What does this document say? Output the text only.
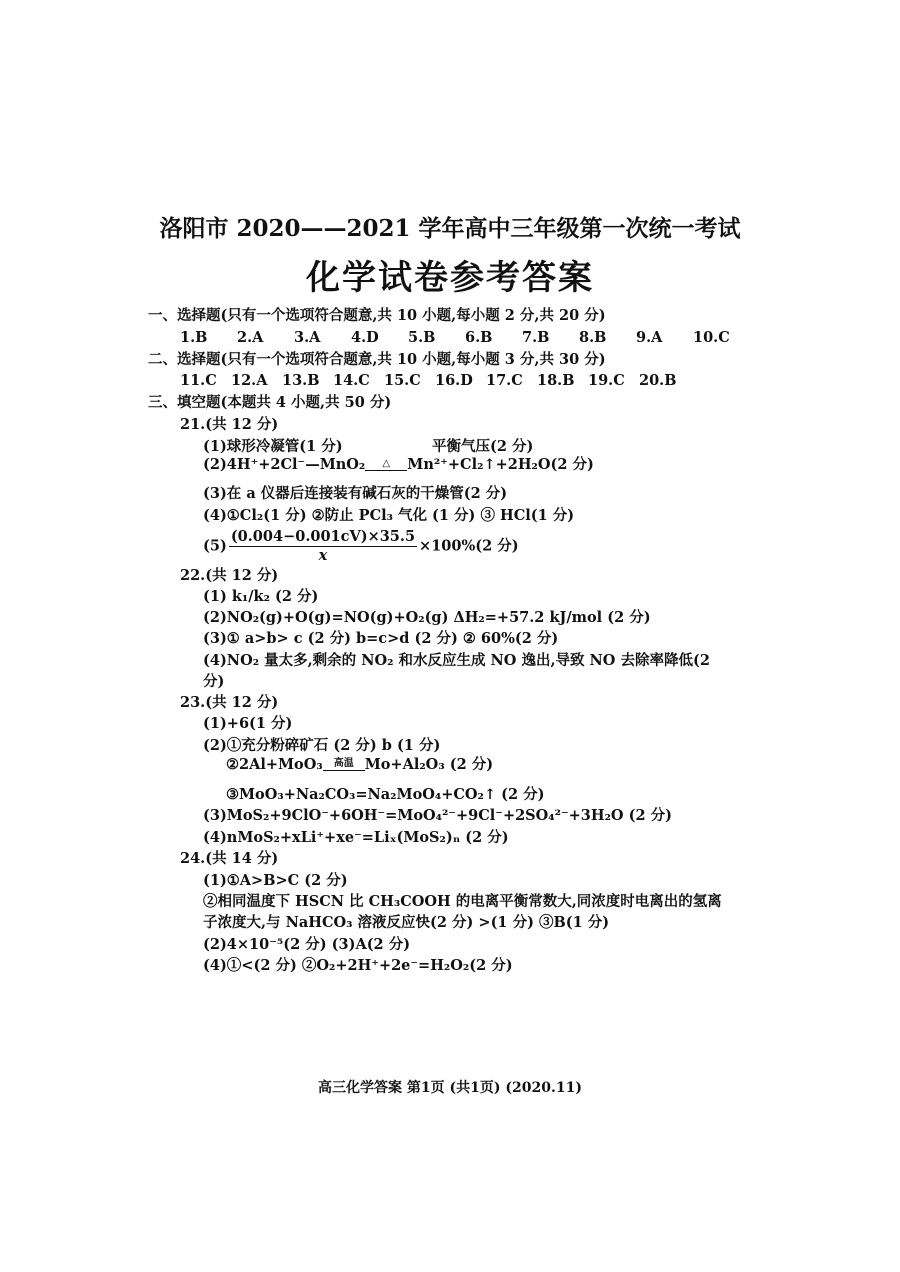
洛阳市 2020——2021 学年高中三年级第一次统一考试
化学试卷参考答案
一、选择题(只有一个选项符合题意,共 10 小题,每小题 2 分,共 20 分)
1.B	2.A	3.A	4.D	5.B	6.B	7.B	8.B	9.A	10.C
二、选择题(只有一个选项符合题意,共 10 小题,每小题 3 分,共 30 分)
11.C 12.A	13.B 14.C 15.C 16.D 17.C 18.B 19.C 20.B
三、填空题(本题共 4 小题,共 50 分)
21.(共 12 分)
(1)球形冷凝管(1 分)	平衡气压(2 分)
(2)4H⁺+2Cl⁻—MnO₂	△	Mn²⁺+Cl₂↑+2H₂O(2 分)
(3)在 a 仪器后连接装有碱石灰的干燥管(2 分)
(4)①Cl₂(1 分) ②防止 PCl₃ 气化 (1 分) ③ HCl(1 分)
$(5) \frac{(0.004-0.001cV)\times 35.5}{x} \times 100\%(2$ 分)
22.(共 12 分)
(1) k₁/k₂ (2 分)
(2)NO₂(g)+O(g)=NO(g)+O₂(g) ΔH₂=+57.2 kJ/mol (2 分)
(3)① a>b> c (2 分) b=c>d (2 分) ② 60%(2 分)
(4)NO₂ 量太多,剩余的 NO₂ 和水反应生成 NO 逸出,导致 NO 去除率降低(2
分)
23.(共 12 分)
(1)+6(1 分)
(2)①充分粉碎矿石 (2 分) b (1 分)
②2Al+MoO₃	高温 Mo+Al₂O₃ (2 分)
③MoO₃+Na₂CO₃=Na₂MoO₄+CO₂↑ (2 分)
(3)MoS₂+9ClO⁻+6OH⁻=MoO₄²⁻+9Cl⁻+2SO₄²⁻+3H₂O (2 分)
(4)nMoS₂+xLi⁺+xe⁻=Liₓ(MoS₂)ₙ (2 分)
24.(共 14 分)
(1)①A>B>C (2 分)
②相同温度下 HSCN 比 CH₃COOH 的电离平衡常数大,同浓度时电离出的氢离
子浓度大,与 NaHCO₃ 溶液反应快(2 分) >(1 分) ③B(1 分)
(2)4×10⁻⁵(2 分) (3)A(2 分)
(4)①<(2 分) ②O₂+2H⁺+2e⁻=H₂O₂(2 分)
高三化学答案 第1页 (共1页) (2020.11)
